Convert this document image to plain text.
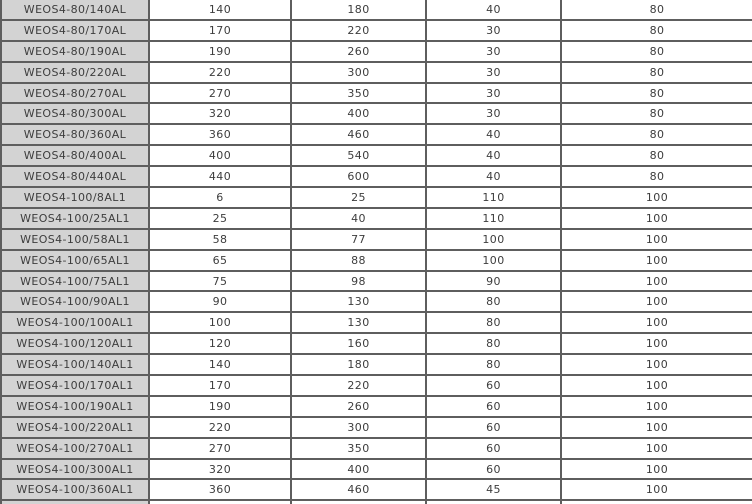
WEOS4-80/140AL	140	180	40	80
WEOS4-80/170AL	170	220	30	80
WEOS4-80/190AL	190	260	30	80
WEOS4-80/220AL	220	300	30	80
WEOS4-80/270AL	270	350	30	80
WEOS4-80/300AL	320	400	30	80
WEOS4-80/360AL	360	460	40	80
WEOS4-80/400AL	400	540	40	80
WEOS4-80/440AL	440	600	40	80
WEOS4-100/8AL1	6	25	110	100
WEOS4-100/25AL1	25	40	110	100
WEOS4-100/58AL1	58	77	100	100
WEOS4-100/65AL1	65	88	100	100
WEOS4-100/75AL1	75	98	90	100
WEOS4-100/90AL1	90	130	80	100
WEOS4-100/100AL1	100	130	80	100
WEOS4-100/120AL1	120	160	80	100
WEOS4-100/140AL1	140	180	80	100
WEOS4-100/170AL1	170	220	60	100
WEOS4-100/190AL1	190	260	60	100
WEOS4-100/220AL1	220	300	60	100
WEOS4-100/270AL1	270	350	60	100
WEOS4-100/300AL1	320	400	60	100
WEOS4-100/360AL1	360	460	45	100
